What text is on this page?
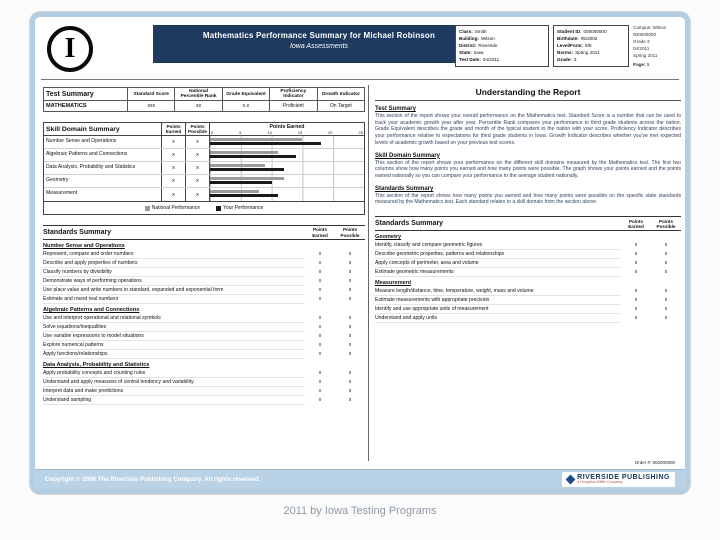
I	Mathematics Performance Summary for Michael Robinson
Iowa Assessments
Class: Smith
Building: Wilson
District: Riverside
State: Iowa
Test Date: 04/2011
Student ID: 000000000
Birthdate: 05/2002
Level/Form: 9/E
Norms: Spring 2011
Grade: 3
Campus: Wilson
000000000
Grade 3
04/2011
Spring 2011
Page: 1
Test Summary	Standard Score	National Percentile Rank	Grade Equivalent	Proficiency Indicator	Growth Indicator
MATHEMATICS	xxx	xx	x.x	Proficient	On Target
Skill Domain Summary	Points Earned
Points Possible
Points Earned
0	5	10	15	20	25
Number Sense and Operations	x	x
Algebraic Patterns and Connections	x	x
Data Analysis, Probability and Statistics	x	x
Geometry	x	x
Measurement	x	x
National Performance	Your Performance
Standards Summary	Points Earned
Points Possible
Number Sense and Operations
Represent, compare and order numbers	x	x
Describe and apply properties of numbers	x	x
Classify numbers by divisibility	x	x
Demonstrate ways of performing operations	x	x
Use place value and write numbers in standard, expanded and exponential form	x	x
Estimate and round real numbers	x	x
Algebraic Patterns and Connections
Use and interpret operational and relational symbols	x	x
Solve equations/inequalities	x	x
Use variable expressions to model situations	x	x
Explore numerical patterns	x	x
Apply functions/relationships	x	x
Data Analysis, Probability and Statistics
Apply probability concepts and counting rules	x	x
Understand and apply measures of central tendency and variability	x	x
Interpret data and make predictions	x	x
Understand sampling	x	x
Understanding the Report
Test Summary
This section of the report shows your overall performance on the Mathematics test. Standard Score is a number that can be used to track your academic growth year after year. Percentile Rank compares your performance to third grade students across the nation. Grade Equivalent describes the grade and month of the typical student in the nation with your score. Proficiency Indicator describes your performance relative to expectations for third grade students in Iowa. Growth Indicator describes whether you've met expected levels of academic growth based on your previous test scores.
Skill Domain Summary
This section of the report shows your performance on the different skill domains measured by the Mathematics test. The first two columns show how many points you earned and how many points were possible. The graph shows your points earned and the points earned nationally so you can compare your performance to the average student nationally.
Standards Summary
This section of the report shows how many points you earned and how many points were possible on the specific state standards measured by the Mathematics test. Each standard relates to a skill domain from the section above.
Standards Summary	Points Earned
Points Possible
Geometry
Identify, classify and compare geometric figures	x	x
Describe geometric properties, patterns and relationships	x	x
Apply concepts of perimeter, area and volume	x	x
Estimate geometric measurements	x	x
Measurement
Measure length/distance, time, temperature, weight, mass and volume	x	x
Estimate measurements with appropriate precision	x	x
Identify and use appropriate units of measurement	x	x
Understand and apply units	x	x
Order #: 002000000
Copyright © 2008 The Riverside Publishing Company. All rights reserved.	RIVERSIDE PUBLISHING
a Houghton Mifflin Company
2011 by Iowa Testing Programs
